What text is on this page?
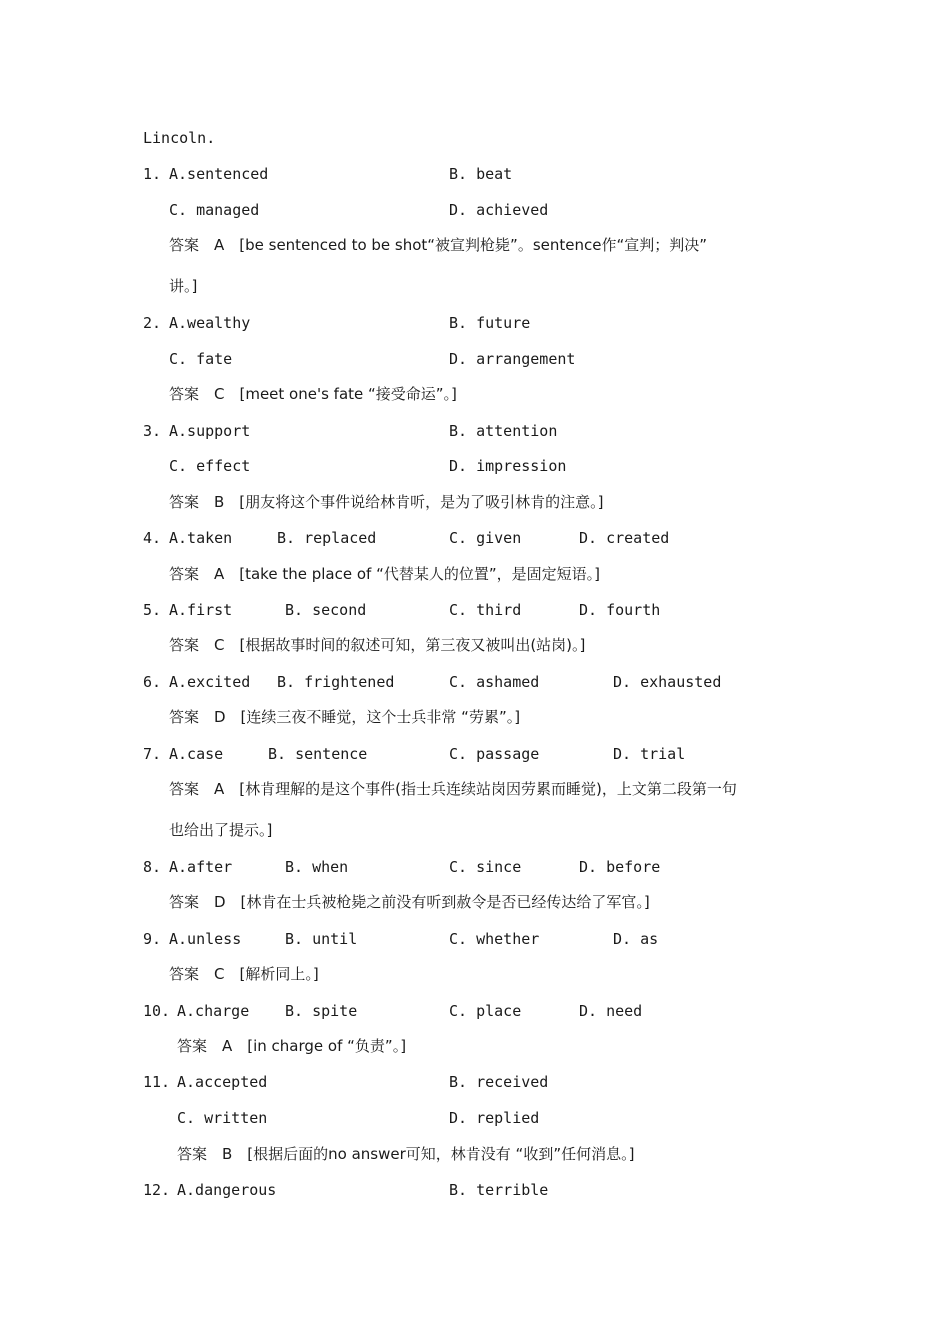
Lincoln.
1. A.sentenced	B. beat
C. managed	D. achieved
答案　A　[be sentenced to be shot“被宣判枪毙”。sentence作“宣判；判决”
讲。]
2. A.wealthy	B. future
C. fate	D. arrangement
答案　C　[meet one's fate “接受命运”。]
3. A.support	B. attention
C. effect	D. impression
答案　B　[朋友将这个事件说给林肯听，是为了吸引林肯的注意。]
4. A.taken	B. replaced	C. given	D. created
答案　A　[take the place of “代替某人的位置”，是固定短语。]
5. A.first	B. second	C. third	D. fourth
答案　C　[根据故事时间的叙述可知，第三夜又被叫出(站岗)。]
6. A.excited B. frightened	C. ashamed	D. exhausted
答案　D　[连续三夜不睡觉，这个士兵非常 “劳累”。]
7. A.case	B. sentence	C. passage	D. trial
答案　A　[林肯理解的是这个事件(指士兵连续站岗因劳累而睡觉)，上文第二段第一句
也给出了提示。]
8. A.after	B. when	C. since	D. before
答案　D　[林肯在士兵被枪毙之前没有听到赦令是否已经传达给了军官。]
9. A.unless	B. until	C. whether	D. as
答案　C　[解析同上。]
10. A.charge B. spite	C. place	D. need
答案　A　[in charge of “负责”。]
11. A.accepted	B. received
C. written	D. replied
答案　B　[根据后面的no answer可知，林肯没有 “收到”任何消息。]
12. A.dangerous	B. terrible
